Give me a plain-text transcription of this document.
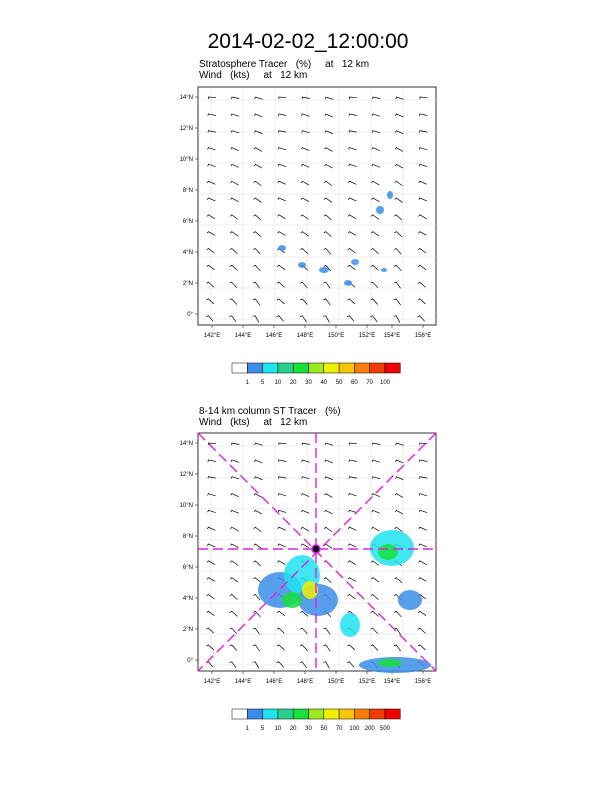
2014-02-02_12:00:00
Stratosphere Tracer   (%)     at   12 km
Wind   (kts)     at   12 km
142°E 144°E 146°E 148°E 150°E 152°E 154°E 156°E
14°N
12°N
10°N
8°N
6°N
4°N
2°N
0°
1 5 10 20 30 40 50 60 70 100
8-14 km column ST Tracer   (%)
Wind   (kts)     at   12 km
142°E 144°E 146°E 148°E 150°E 152°E 154°E 156°E
14°N
12°N
10°N
8°N
6°N
4°N
2°N
0°
1 5 10 20 30 50 70 100 200 500
